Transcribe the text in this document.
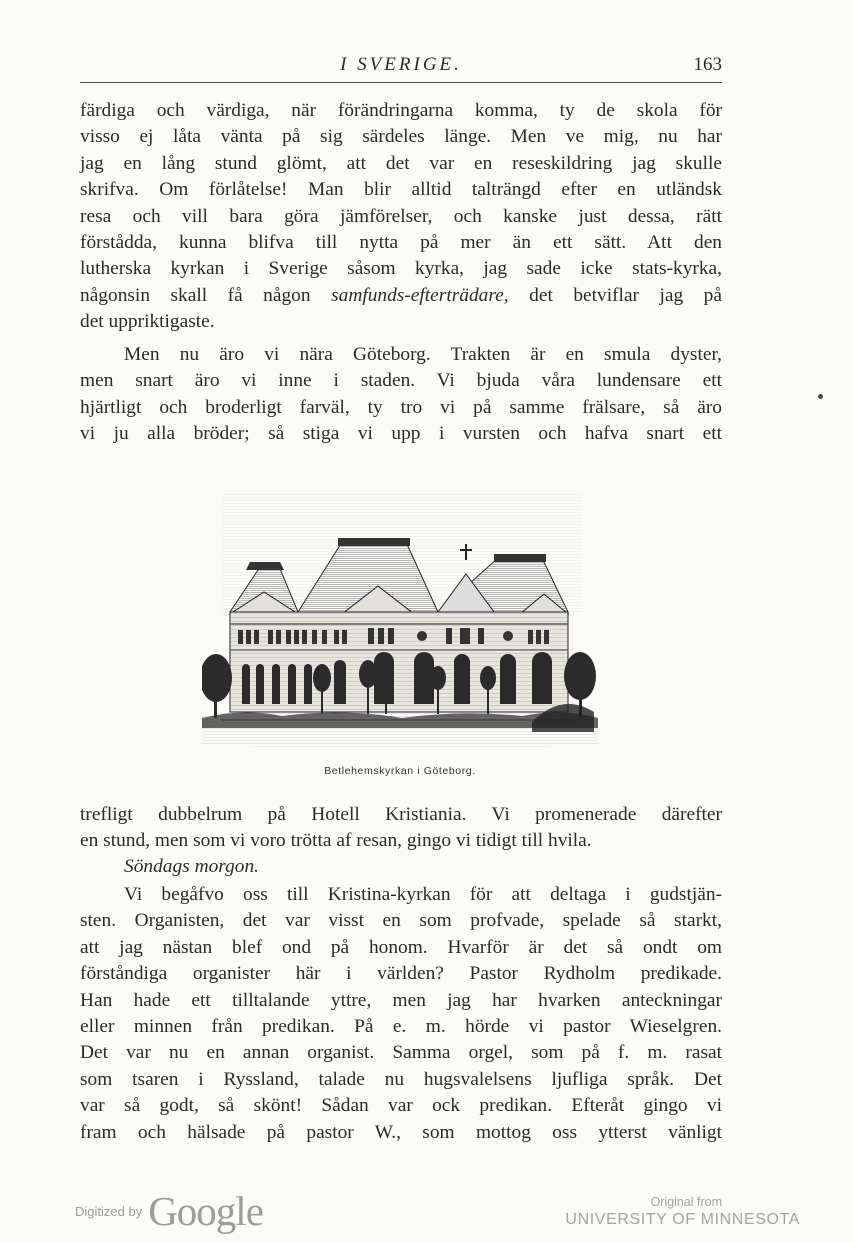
I SVERIGE.	163
färdiga och värdiga, när förändringarna komma, ty de skola för
visso ej låta vänta på sig särdeles länge. Men ve mig, nu har
jag en lång stund glömt, att det var en reseskildring jag skulle
skrifva. Om förlåtelse! Man blir alltid talträngd efter en utländsk
resa och vill bara göra jämförelser, och kanske just dessa, rätt
förstådda, kunna blifva till nytta på mer än ett sätt. Att den
lutherska kyrkan i Sverige såsom kyrka, jag sade icke stats-kyrka,
någonsin skall få någon samfunds-efterträdare, det betviflar jag på
det uppriktigaste.
Men nu äro vi nära Göteborg. Trakten är en smula dyster,
men snart äro vi inne i staden. Vi bjuda våra lundensare ett
hjärtligt och broderligt farväl, ty tro vi på samme frälsare, så äro
vi ju alla bröder; så stiga vi upp i vursten och hafva snart ett
Betlehemskyrkan i Göteborg.
trefligt dubbelrum på Hotell Kristiania. Vi promenerade därefter
en stund, men som vi voro trötta af resan, gingo vi tidigt till hvila.

Söndags morgon.

Vi begåfvo oss till Kristina-kyrkan för att deltaga i gudstjän-
sten. Organisten, det var visst en som profvade, spelade så starkt,
att jag nästan blef ond på honom. Hvarför är det så ondt om
förståndiga organister här i världen? Pastor Rydholm predikade.
Han hade ett tilltalande yttre, men jag har hvarken anteckningar
eller minnen från predikan. På e. m. hörde vi pastor Wieselgren.
Det var nu en annan organist. Samma orgel, som på f. m. rasat
som tsaren i Ryssland, talade nu hugsvalelsens ljufliga språk. Det
var så godt, så skönt! Sådan var ock predikan. Efteråt gingo vi
fram och hälsade på pastor W., som mottog oss ytterst vänligt
Digitized by Google	Original from
UNIVERSITY OF MINNESOTA
